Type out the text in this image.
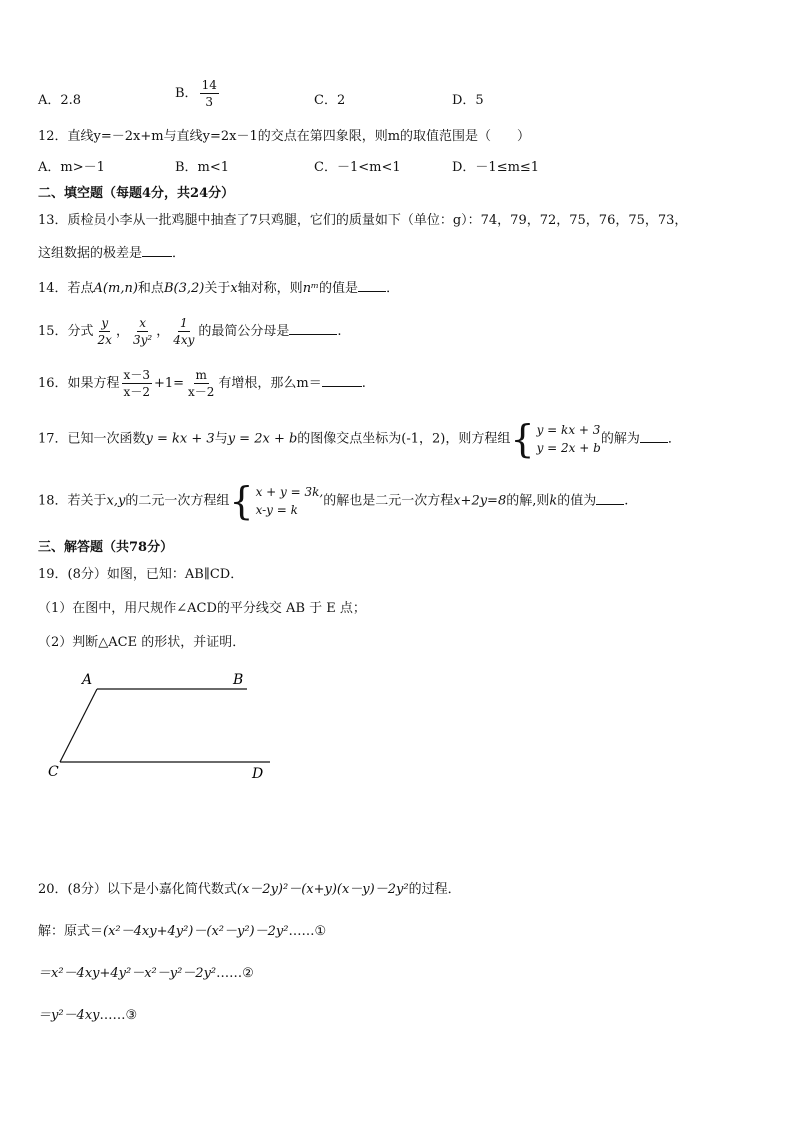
A．2.8	B． $\frac{14}{3}$	C．2	D．5
12．直线y=－2x+m与直线y=2x－1的交点在第四象限，则m的取值范围是（　　）
A．m>－1	B．m<1	C．－1<m<1	D．－1≤m≤1
二、填空题（每题4分，共24分）
13．质检员小李从一批鸡腿中抽查了7只鸡腿，它们的质量如下（单位：g）：74，79，72，75，76，75，73，
这组数据的极差是 ．
14．若点A(m,n)和点B(3,2)关于x轴对称，则nᵐ的值是 ．
15．分式 $\frac{y}{2x}$ ， $\frac{x}{\text{3y²}}$ ， $\frac{1}{4xy}$ 的最简公分母是	.
16．如果方程 $\frac{x-3}{x-2} +1= \frac{m}{x-2}$ 有增根，那么m＝	.
17．已知一次函数y = kx + 3与y = 2x + b的图像交点坐标为(-1，2)，则方程组 { y = kx + 3
y = 2x + b
的解为 ．
18．若关于x,y的二元一次方程组 { x + y = 3k,
x-y = k
的解也是二元一次方程x+2y=8的解,则k的值为 .
三、解答题（共78分）
19．(8分）如图，已知：AB∥CD．
（1）在图中，用尺规作∠ACD的平分线交 AB 于 E 点；
（2）判断△ACE 的形状，并证明．
A	B
C	D
20．(8分）以下是小嘉化简代数式(x－2y)²－(x+y)(x－y)－2y²的过程．
解：原式＝(x²－4xy+4y²)－(x²－y²)－2y²……①
＝x²－4xy+4y²－x²－y²－2y²……②
＝y²－4xy……③
